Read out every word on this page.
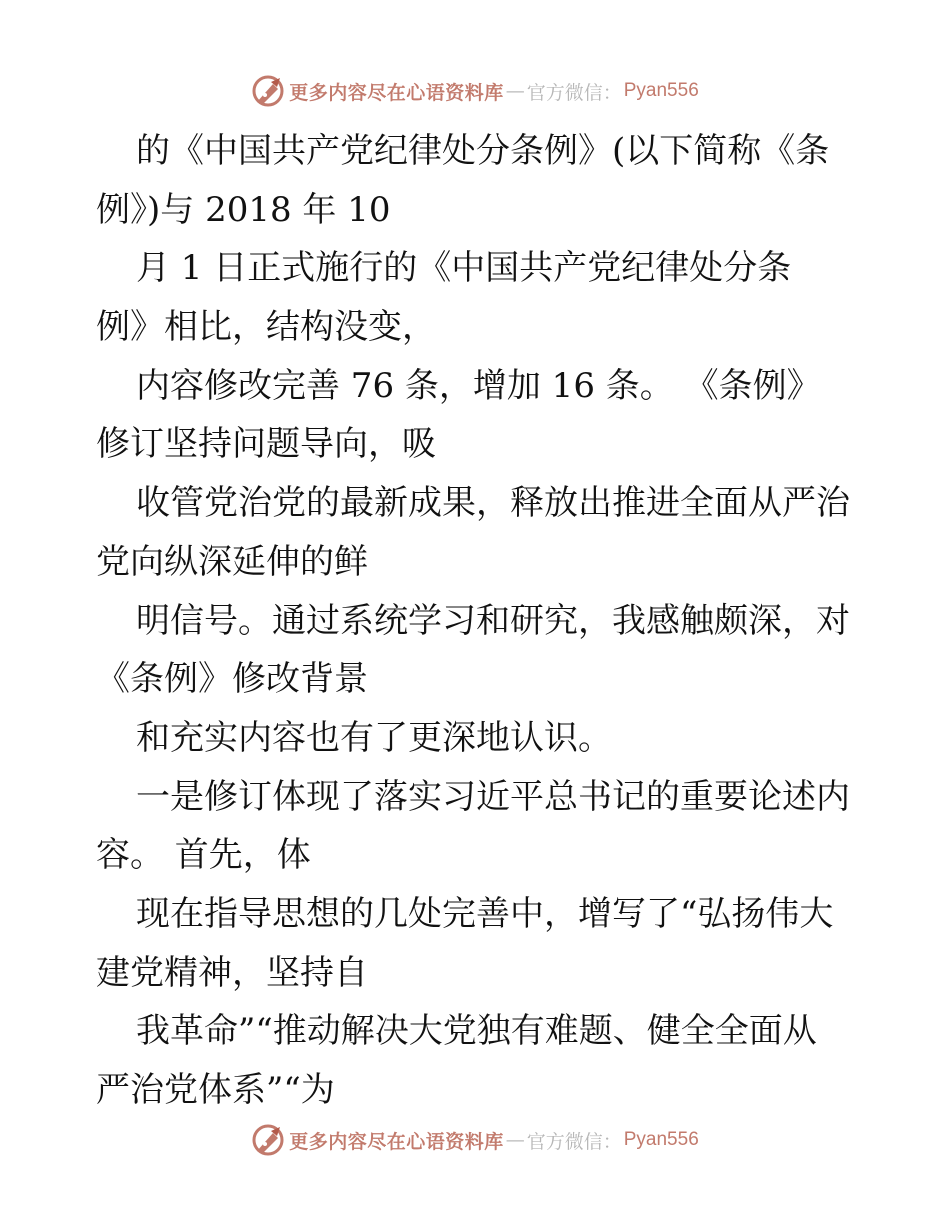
更多内容尽在心语资料库 — 官方微信： Pyan556
的《中国共产党纪律处分条例》(以下简称《条
例》)与 2018 年 10
月 1 日正式施行的《中国共产党纪律处分条
例》相比，结构没变，
内容修改完善 76 条，增加 16 条。 《条例》
修订坚持问题导向，吸
收管党治党的最新成果，释放出推进全面从严治
党向纵深延伸的鲜
明信号。通过系统学习和研究，我感触颇深，对
《条例》修改背景
和充实内容也有了更深地认识。
一是修订体现了落实习近平总书记的重要论述内
容。 首先，体
现在指导思想的几处完善中，增写了“弘扬伟大
建党精神，坚持自
我革命”“推动解决大党独有难题、健全全面从
严治党体系”“为
更多内容尽在心语资料库 — 官方微信： Pyan556
